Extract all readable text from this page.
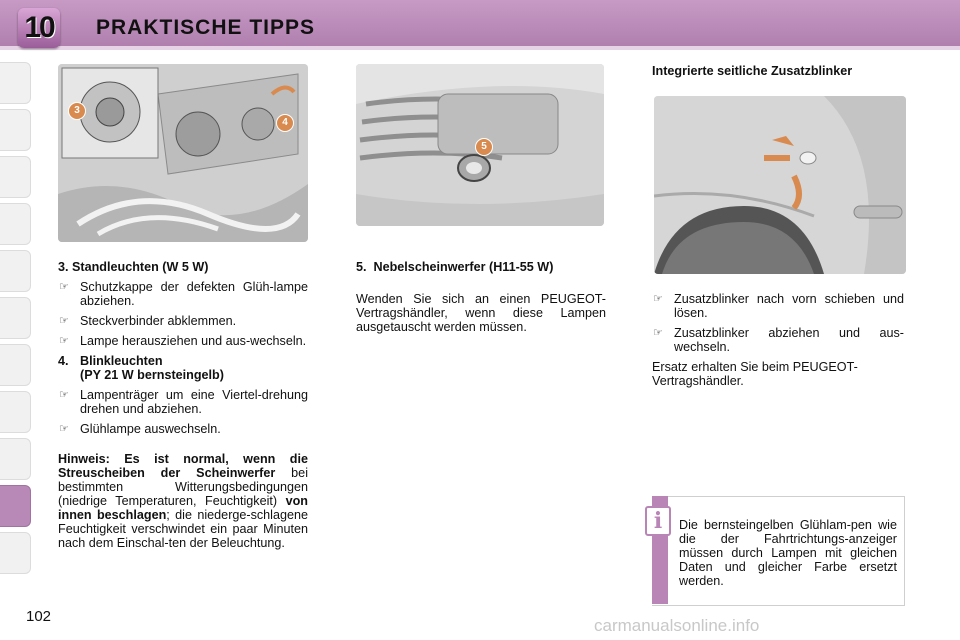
10	PRAKTISCHE TIPPS
3
4
5
3. Standleuchten (W 5 W)
☞ Schutzkappe der defekten Glüh-lampe abziehen.
☞ Steckverbinder abklemmen.
☞ Lampe herausziehen und aus-wechseln.
4. Blinkleuchten
(PY 21 W bernsteingelb)
☞ Lampenträger um eine Viertel-drehung drehen und abziehen.
☞ Glühlampe auswechseln.

Hinweis: Es ist normal, wenn die Streuscheiben der Scheinwerfer bei bestimmten Witterungsbedingungen (niedrige Temperaturen, Feuchtigkeit) von innen beschlagen; die niederge-schlagene Feuchtigkeit verschwindet ein paar Minuten nach dem Einschal-ten der Beleuchtung.

5. Nebelscheinwerfer (H11-55 W)

Wenden Sie sich an einen PEUGEOT-Vertragshändler, wenn diese Lampen ausgetauscht werden müssen.

Integrierte seitliche Zusatzblinker
☞ Zusatzblinker nach vorn schieben und lösen.
☞ Zusatzblinker abziehen und aus-wechseln.

Ersatz erhalten Sie beim PEUGEOT-Vertragshändler.

i	Die bernsteingelben Glühlam-pen wie die der Fahrtrichtungs-anzeiger müssen durch Lampen mit gleichen Daten und gleicher Farbe ersetzt werden.
102	carmanualsonline.info
